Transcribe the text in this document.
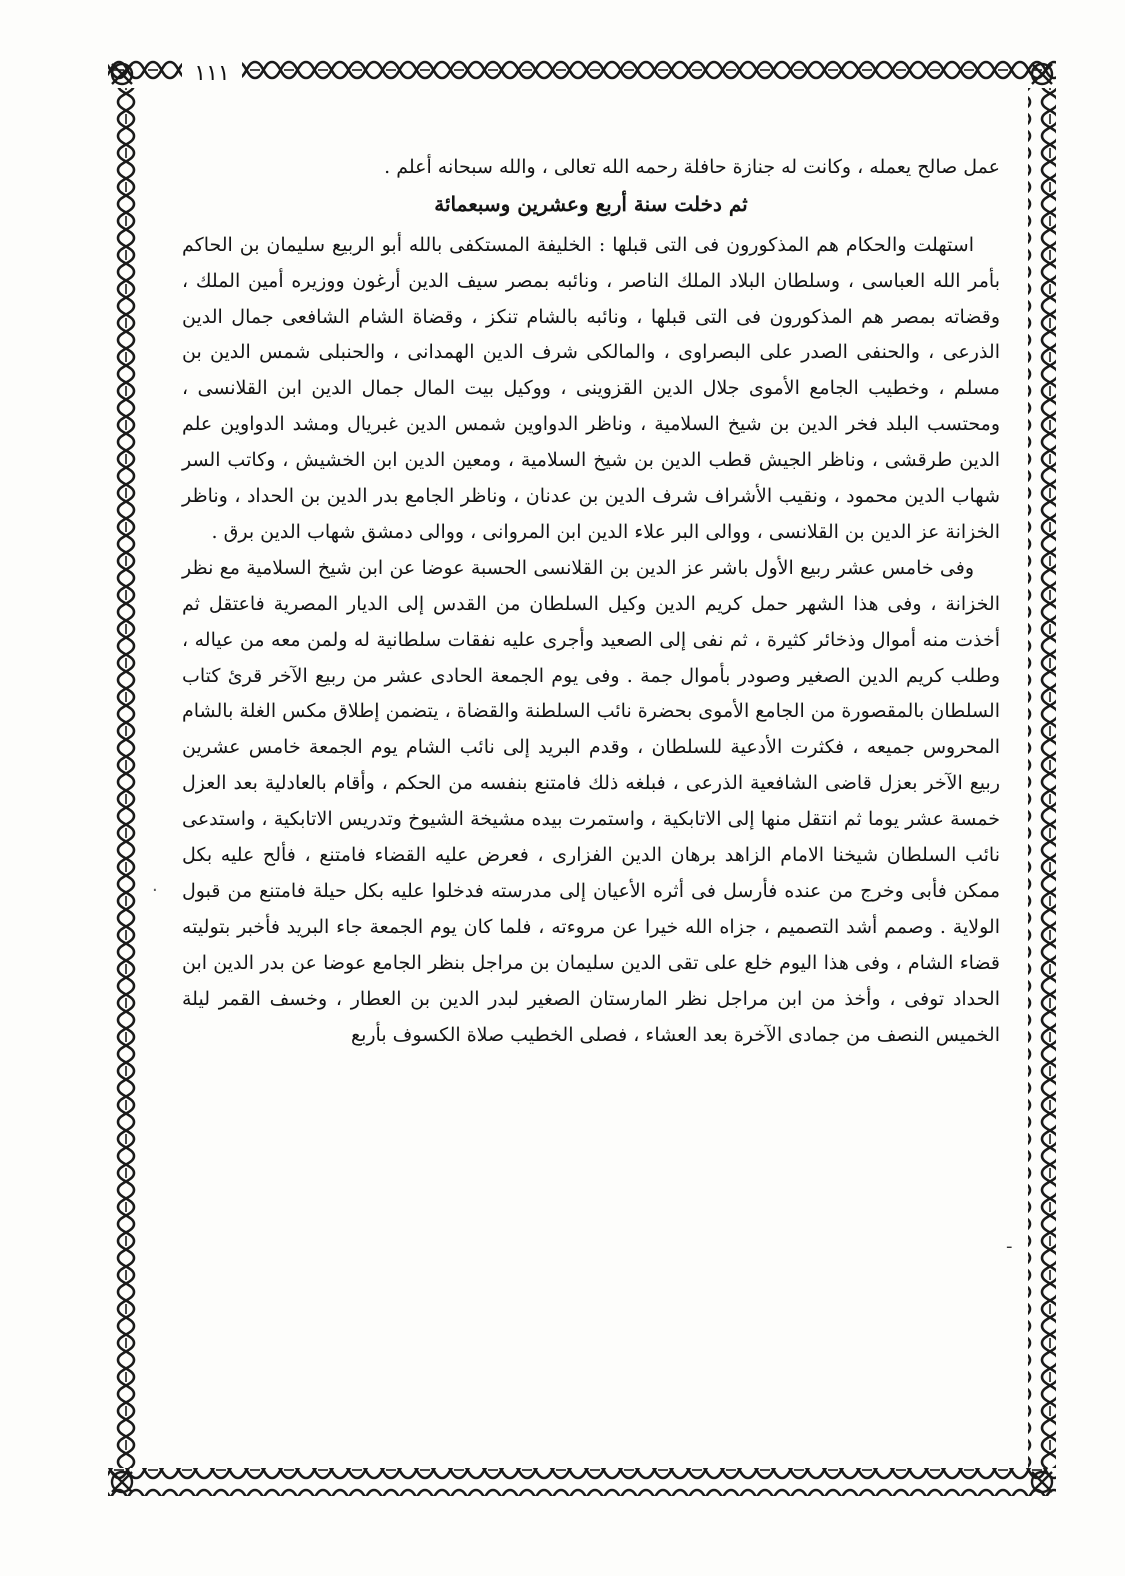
١١١

عمل صالح يعمله ، وكانت له جنازة حافلة رحمه الله تعالى ، والله سبحانه أعلم .

ثم دخلت سنة أربع وعشرين وسبعمائة

استهلت والحكام هم المذكورون فى التى قبلها : الخليفة المستكفى بالله أبو الربيع سليمان بن الحاكم بأمر الله العباسى ، وسلطان البلاد الملك الناصر ، ونائبه بمصر سيف الدين أرغون ووزيره أمين الملك ، وقضاته بمصر هم المذكورون فى التى قبلها ، ونائبه بالشام تنكز ، وقضاة الشام الشافعى جمال الدين الذرعى ، والحنفى الصدر على البصراوى ، والمالكى شرف الدين الهمدانى ، والحنبلى شمس الدين بن مسلم ، وخطيب الجامع الأموى جلال الدين القزوينى ، ووكيل بيت المال جمال الدين ابن القلانسى ، ومحتسب البلد فخر الدين بن شيخ السلامية ، وناظر الدواوين شمس الدين غبريال ومشد الدواوين علم الدين طرقشى ، وناظر الجيش قطب الدين بن شيخ السلامية ، ومعين الدين ابن الخشيش ، وكاتب السر شهاب الدين محمود ، ونقيب الأشراف شرف الدين بن عدنان ، وناظر الجامع بدر الدين بن الحداد ، وناظر الخزانة عز الدين بن القلانسى ، ووالى البر علاء الدين ابن المروانى ، ووالى دمشق شهاب الدين برق .

وفى خامس عشر ربيع الأول باشر عز الدين بن القلانسى الحسبة عوضا عن ابن شيخ السلامية مع نظر الخزانة ، وفى هذا الشهر حمل كريم الدين وكيل السلطان من القدس إلى الديار المصرية فاعتقل ثم أخذت منه أموال وذخائر كثيرة ، ثم نفى إلى الصعيد وأجرى عليه نفقات سلطانية له ولمن معه من عياله ، وطلب كريم الدين الصغير وصودر بأموال جمة . وفى يوم الجمعة الحادى عشر من ربيع الآخر قرئ كتاب السلطان بالمقصورة من الجامع الأموى بحضرة نائب السلطنة والقضاة ، يتضمن إطلاق مكس الغلة بالشام المحروس جميعه ، فكثرت الأدعية للسلطان ، وقدم البريد إلى نائب الشام يوم الجمعة خامس عشرين ربيع الآخر بعزل قاضى الشافعية الذرعى ، فبلغه ذلك فامتنع بنفسه من الحكم ، وأقام بالعادلية بعد العزل خمسة عشر يوما ثم انتقل منها إلى الاتابكية ، واستمرت بيده مشيخة الشيوخ وتدريس الاتابكية ، واستدعى نائب السلطان شيخنا الامام الزاهد برهان الدين الفزارى ، فعرض عليه القضاء فامتنع ، فألح عليه بكل ممكن فأبى وخرج من عنده فأرسل فى أثره الأعيان إلى مدرسته فدخلوا عليه بكل حيلة فامتنع من قبول الولاية . وصمم أشد التصميم ، جزاه الله خيرا عن مروءته ، فلما كان يوم الجمعة جاء البريد فأخبر بتوليته قضاء الشام ، وفى هذا اليوم خلع على تقى الدين سليمان بن مراجل بنظر الجامع عوضا عن بدر الدين ابن الحداد توفى ، وأخذ من ابن مراجل نظر المارستان الصغير لبدر الدين بن العطار ، وخسف القمر ليلة الخميس النصف من جمادى الآخرة بعد العشاء ، فصلى الخطيب صلاة الكسوف بأربع

-
·
